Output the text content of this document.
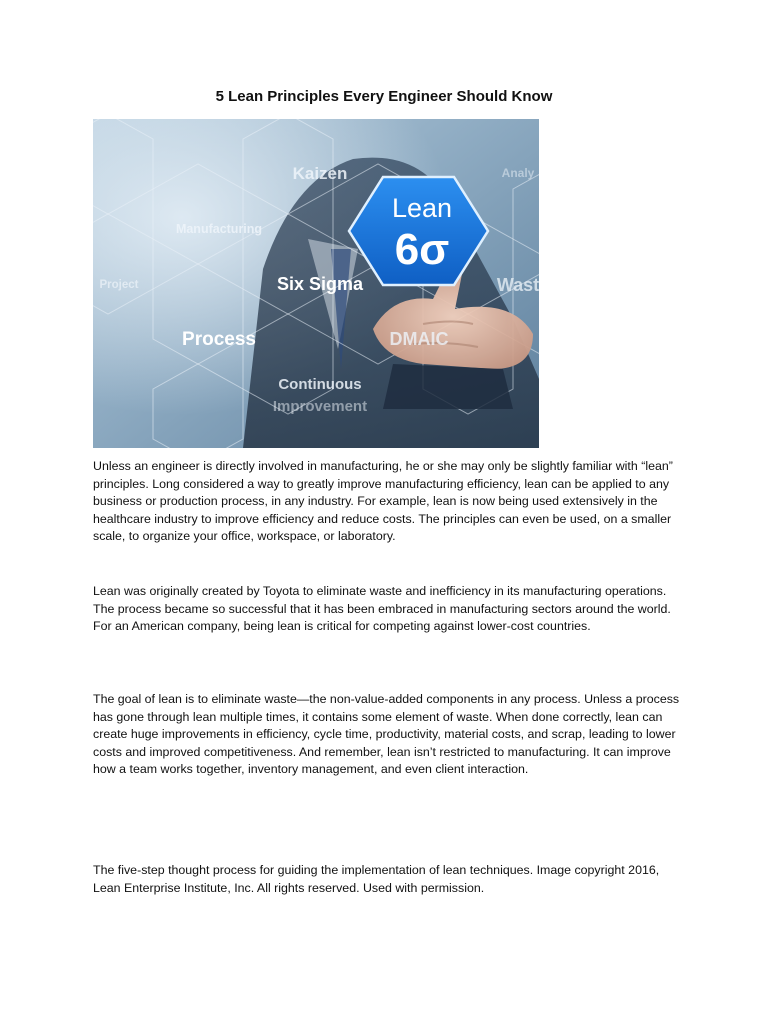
5 Lean Principles Every Engineer Should Know
Kaizen
Lean
6σ
Analy
Manufacturing
Six Sigma	Wast
Project
Process	DMAIC
Continuous
Improvement

Unless an engineer is directly involved in manufacturing, he or she may only be slightly familiar with “lean” principles. Long considered a way to greatly improve manufacturing efficiency, lean can be applied to any business or production process, in any industry. For example, lean is now being used extensively in the healthcare industry to improve efficiency and reduce costs. The principles can even be used, on a smaller scale, to organize your office, workspace, or laboratory.

Lean was originally created by Toyota to eliminate waste and inefficiency in its manufacturing operations. The process became so successful that it has been embraced in manufacturing sectors around the world. For an American company, being lean is critical for competing against lower-cost countries.

The goal of lean is to eliminate waste—the non-value-added components in any process. Unless a process has gone through lean multiple times, it contains some element of waste. When done correctly, lean can create huge improvements in efficiency, cycle time, productivity, material costs, and scrap, leading to lower costs and improved competitiveness. And remember, lean isn’t restricted to manufacturing. It can improve how a team works together, inventory management, and even client interaction.

The five-step thought process for guiding the implementation of lean techniques. Image copyright 2016, Lean Enterprise Institute, Inc. All rights reserved. Used with permission.
